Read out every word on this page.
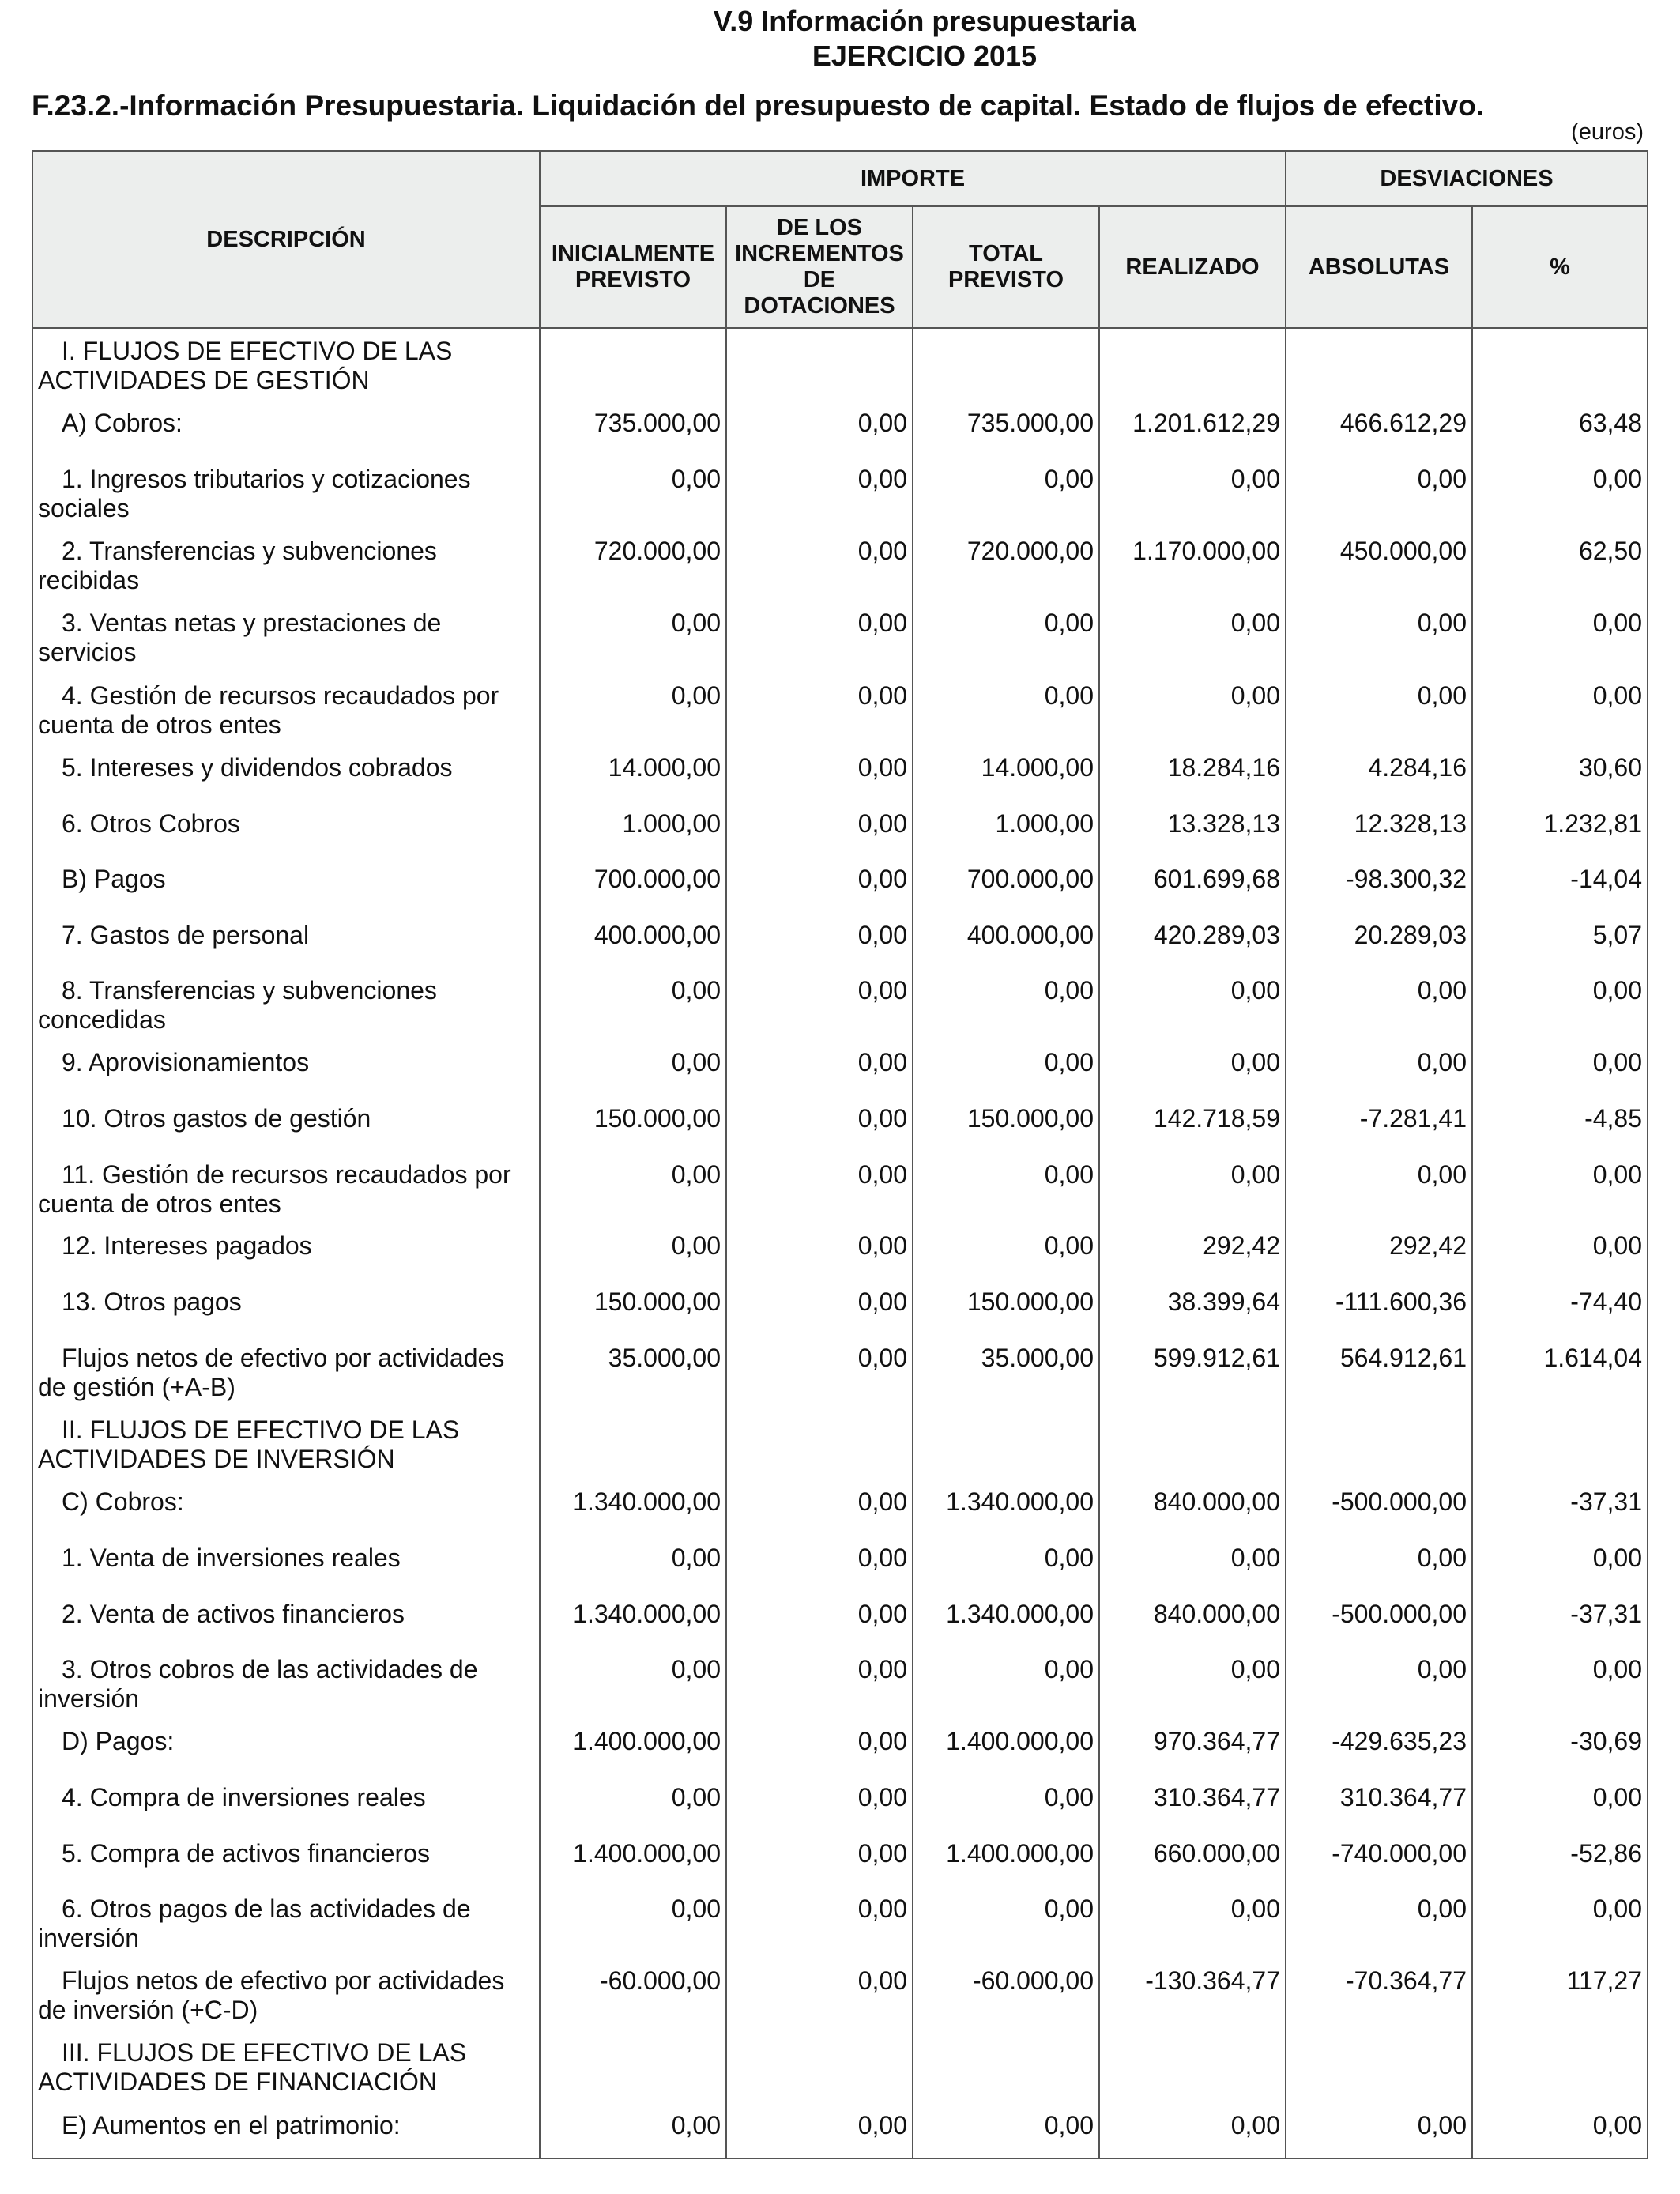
V.9 Información presupuestaria
EJERCICIO 2015
F.23.2.-Información Presupuestaria. Liquidación del presupuesto de capital. Estado de flujos de efectivo.
(euros)
DESCRIPCIÓN	IMPORTE				DESVIACIONES	
	INICIALMENTE PREVISTO	DE LOS INCREMENTOS DE DOTACIONES	TOTAL PREVISTO	REALIZADO	ABSOLUTAS	%

I. FLUJOS DE EFECTIVO DE LAS ACTIVIDADES DE GESTIÓN						

A) Cobros:	735.000,00	0,00	735.000,00	1.201.612,29	466.612,29	63,48

1. Ingresos tributarios y cotizaciones sociales	0,00	0,00	0,00	0,00	0,00	0,00

2. Transferencias y subvenciones recibidas	720.000,00	0,00	720.000,00	1.170.000,00	450.000,00	62,50

3. Ventas netas y prestaciones de servicios	0,00	0,00	0,00	0,00	0,00	0,00

4. Gestión de recursos recaudados por cuenta de otros entes	0,00	0,00	0,00	0,00	0,00	0,00

5. Intereses y dividendos cobrados	14.000,00	0,00	14.000,00	18.284,16	4.284,16	30,60

6. Otros Cobros	1.000,00	0,00	1.000,00	13.328,13	12.328,13	1.232,81

B) Pagos	700.000,00	0,00	700.000,00	601.699,68	-98.300,32	-14,04

7. Gastos de personal	400.000,00	0,00	400.000,00	420.289,03	20.289,03	5,07

8. Transferencias y subvenciones concedidas	0,00	0,00	0,00	0,00	0,00	0,00

9. Aprovisionamientos	0,00	0,00	0,00	0,00	0,00	0,00

10. Otros gastos de gestión	150.000,00	0,00	150.000,00	142.718,59	-7.281,41	-4,85

11. Gestión de recursos recaudados por cuenta de otros entes	0,00	0,00	0,00	0,00	0,00	0,00

12. Intereses pagados	0,00	0,00	0,00	292,42	292,42	0,00

13. Otros pagos	150.000,00	0,00	150.000,00	38.399,64	-111.600,36	-74,40

Flujos netos de efectivo por actividades de gestión (+A-B)	35.000,00	0,00	35.000,00	599.912,61	564.912,61	1.614,04

II. FLUJOS DE EFECTIVO DE LAS ACTIVIDADES DE INVERSIÓN						

C) Cobros:	1.340.000,00	0,00	1.340.000,00	840.000,00	-500.000,00	-37,31

1. Venta de inversiones reales	0,00	0,00	0,00	0,00	0,00	0,00

2. Venta de activos financieros	1.340.000,00	0,00	1.340.000,00	840.000,00	-500.000,00	-37,31

3. Otros cobros de las actividades de inversión	0,00	0,00	0,00	0,00	0,00	0,00

D) Pagos:	1.400.000,00	0,00	1.400.000,00	970.364,77	-429.635,23	-30,69

4. Compra de inversiones reales	0,00	0,00	0,00	310.364,77	310.364,77	0,00

5. Compra de activos financieros	1.400.000,00	0,00	1.400.000,00	660.000,00	-740.000,00	-52,86

6. Otros pagos de las actividades de inversión	0,00	0,00	0,00	0,00	0,00	0,00

Flujos netos de efectivo por actividades de inversión (+C-D)	-60.000,00	0,00	-60.000,00	-130.364,77	-70.364,77	117,27

III. FLUJOS DE EFECTIVO DE LAS ACTIVIDADES DE FINANCIACIÓN						

E) Aumentos en el patrimonio:	0,00	0,00	0,00	0,00	0,00	0,00
